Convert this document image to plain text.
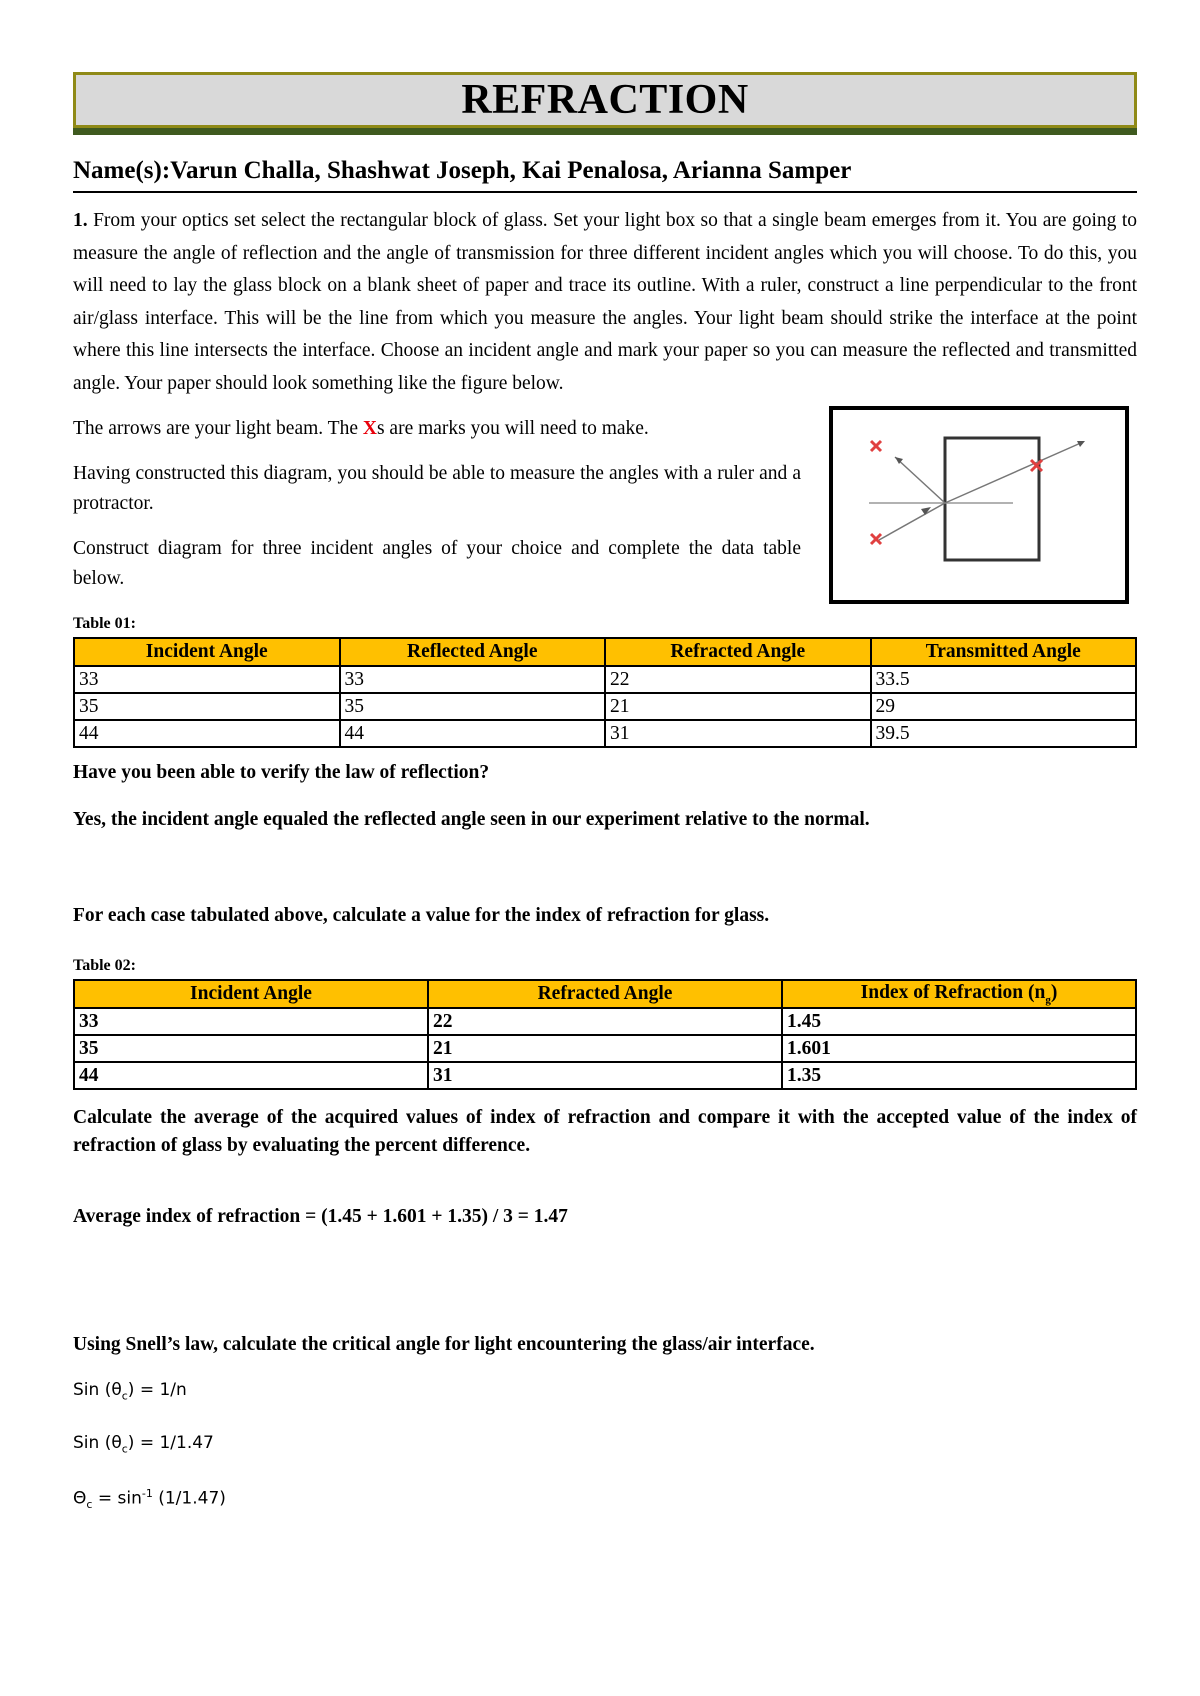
REFRACTION
Name(s):Varun Challa, Shashwat Joseph, Kai Penalosa, Arianna Samper

1. From your optics set select the rectangular block of glass. Set your light box so that a single beam emerges from it. You are going to measure the angle of reflection and the angle of transmission for three different incident angles which you will choose. To do this, you will need to lay the glass block on a blank sheet of paper and trace its outline. With a ruler, construct a line perpendicular to the front air/glass interface. This will be the line from which you measure the angles. Your light beam should strike the interface at the point where this line intersects the interface. Choose an incident angle and mark your paper so you can measure the reflected and transmitted angle. Your paper should look something like the figure below.

The arrows are your light beam. The Xs are marks you will need to make.

Having constructed this diagram, you should be able to measure the angles with a ruler and a protractor.

Construct diagram for three incident angles of your choice and complete the data table below.

Table 01:
Incident Angle	Reflected Angle	Refracted Angle	Transmitted Angle
33	33	22	33.5
35	35	21	29
44	44	31	39.5

Have you been able to verify the law of reflection?

Yes, the incident angle equaled the reflected angle seen in our experiment relative to the normal.

For each case tabulated above, calculate a value for the index of refraction for glass.

Table 02:
Incident Angle	Refracted Angle	Index of Refraction $(n_g)$
33	22	1.45
35	21	1.601
44	31	1.35

Calculate the average of the acquired values of index of refraction and compare it with the accepted value of the index of refraction of glass by evaluating the percent difference.

Average index of refraction = (1.45 + 1.601 + 1.35) / 3 = 1.47

Using Snell’s law, calculate the critical angle for light encountering the glass/air interface.

Sin $(\theta_c) = 1/n$

Sin $(\theta_c) = 1/1.47$

$\Theta_c = \sin^{-1} (1/1.47)$
